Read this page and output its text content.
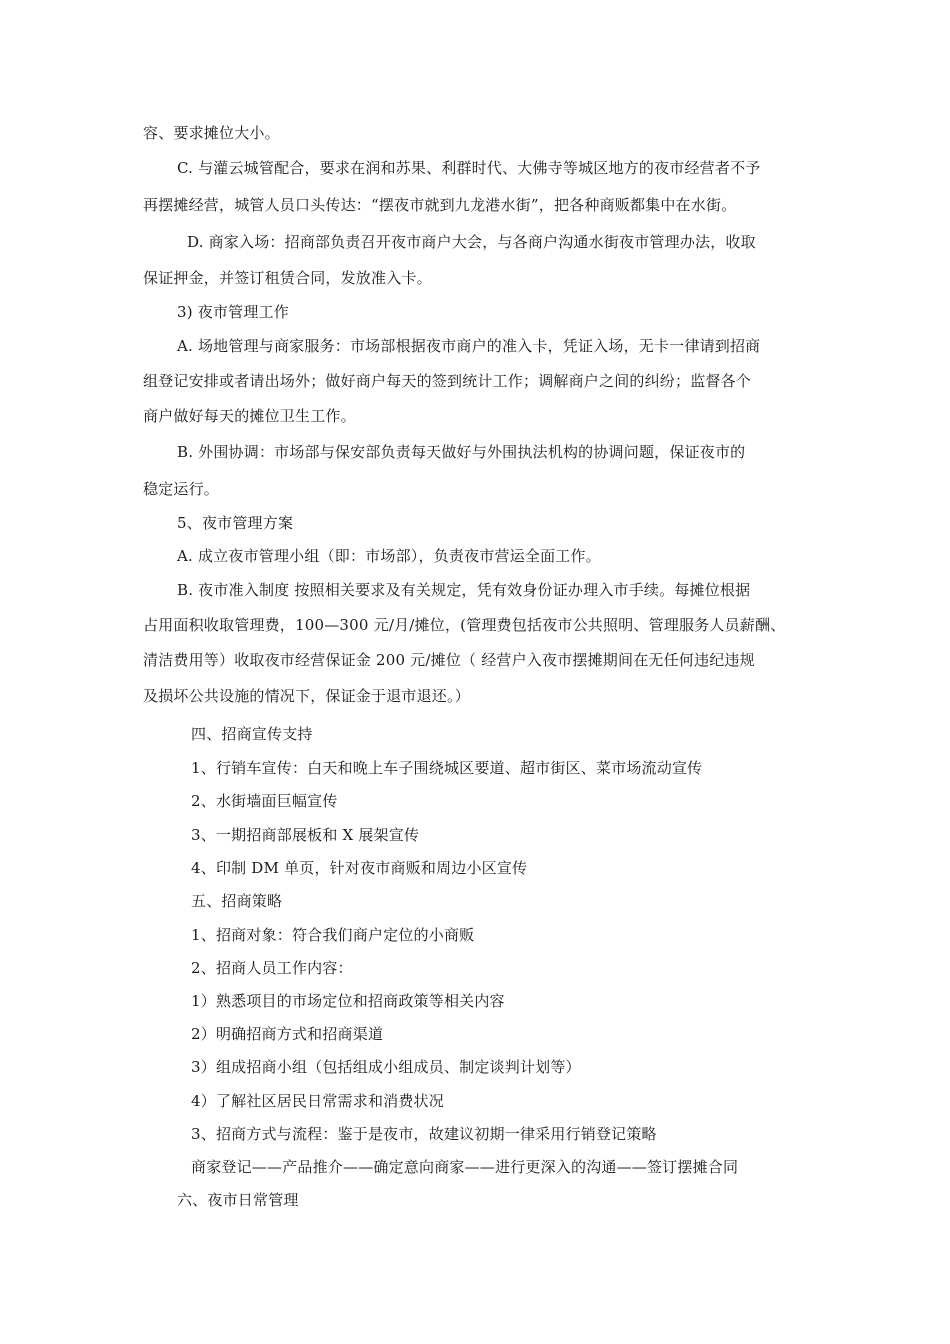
容、要求摊位大小。
C. 与灌云城管配合，要求在润和苏果、利群时代、大佛寺等城区地方的夜市经营者不予
再摆摊经营，城管人员口头传达：“摆夜市就到九龙港水街”，把各种商贩都集中在水街。
D. 商家入场：招商部负责召开夜市商户大会，与各商户沟通水街夜市管理办法，收取
保证押金，并签订租赁合同，发放准入卡。
3) 夜市管理工作
A. 场地管理与商家服务：市场部根据夜市商户的准入卡，凭证入场，无卡一律请到招商
组登记安排或者请出场外；做好商户每天的签到统计工作；调解商户之间的纠纷；监督各个
商户做好每天的摊位卫生工作。
B. 外围协调：市场部与保安部负责每天做好与外围执法机构的协调问题，保证夜市的
稳定运行。
5、夜市管理方案
A. 成立夜市管理小组（即：市场部），负责夜市营运全面工作。
B. 夜市准入制度 按照相关要求及有关规定，凭有效身份证办理入市手续。每摊位根据
占用面积收取管理费，100—300 元/月/摊位，(管理费包括夜市公共照明、管理服务人员薪酬、
清洁费用等）收取夜市经营保证金 200 元/摊位（ 经营户入夜市摆摊期间在无任何违纪违规
及损坏公共设施的情况下，保证金于退市退还。）
四、招商宣传支持
1、行销车宣传：白天和晚上车子围绕城区要道、超市街区、菜市场流动宣传
2、水街墙面巨幅宣传
3、一期招商部展板和 X 展架宣传
4、印制 DM 单页，针对夜市商贩和周边小区宣传
五、招商策略
1、招商对象：符合我们商户定位的小商贩
2、招商人员工作内容：
1）熟悉项目的市场定位和招商政策等相关内容
2）明确招商方式和招商渠道
3）组成招商小组（包括组成小组成员、制定谈判计划等）
4）了解社区居民日常需求和消费状况
3、招商方式与流程：鉴于是夜市，故建议初期一律采用行销登记策略
商家登记——产品推介——确定意向商家——进行更深入的沟通——签订摆摊合同
六、夜市日常管理
